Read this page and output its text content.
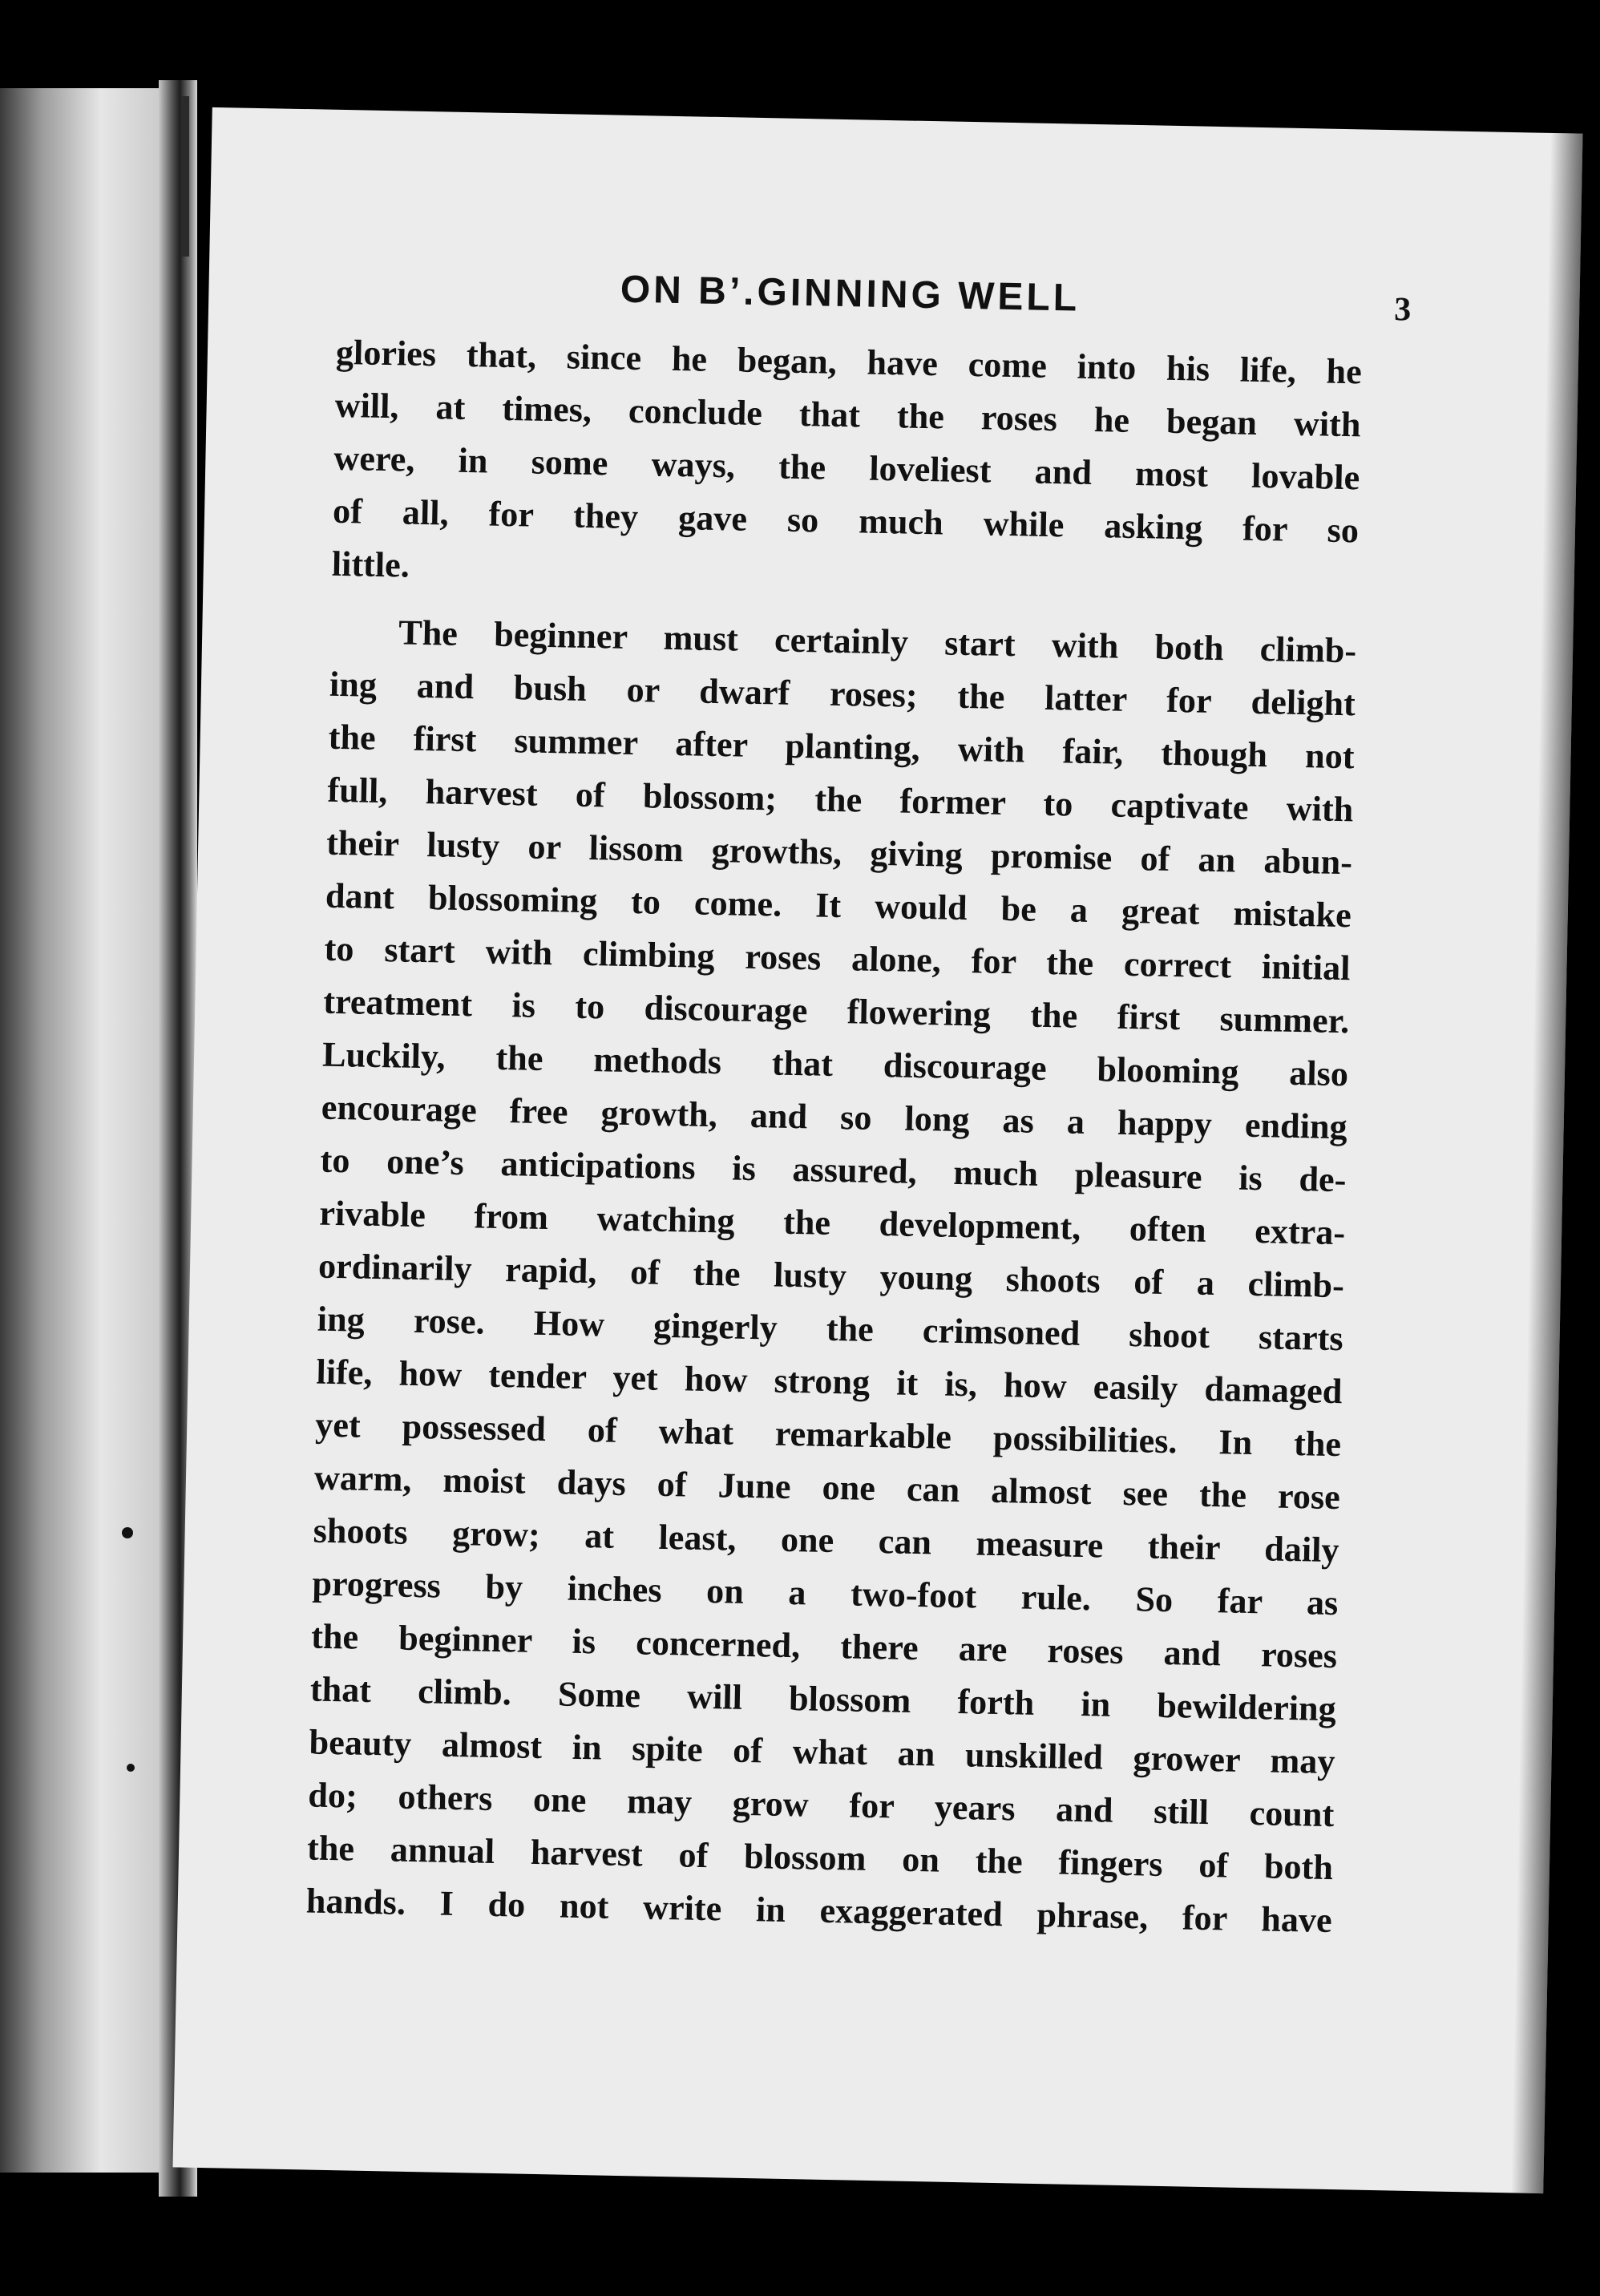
ON B’.GINNING WELL	3

glories that, since he began, have come into his life, he
will, at times, conclude that the roses he began with
were, in some ways, the loveliest and most lovable
of all, for they gave so much while asking for so
little.

The beginner must certainly start with both climb-
ing and bush or dwarf roses; the latter for delight
the first summer after planting, with fair, though not
full, harvest of blossom; the former to captivate with
their lusty or lissom growths, giving promise of an abun-
dant blossoming to come. It would be a great mistake
to start with climbing roses alone, for the correct initial
treatment is to discourage flowering the first summer.
Luckily, the methods that discourage blooming also
encourage free growth, and so long as a happy ending
to one’s anticipations is assured, much pleasure is de-
rivable from watching the development, often extra-
ordinarily rapid, of the lusty young shoots of a climb-
ing rose. How gingerly the crimsoned shoot starts
life, how tender yet how strong it is, how easily damaged
yet possessed of what remarkable possibilities. In the
warm, moist days of June one can almost see the rose
shoots grow; at least, one can measure their daily
progress by inches on a two-foot rule. So far as
the beginner is concerned, there are roses and roses
that climb. Some will blossom forth in bewildering
beauty almost in spite of what an unskilled grower may
do; others one may grow for years and still count
the annual harvest of blossom on the fingers of both
hands. I do not write in exaggerated phrase, for have
